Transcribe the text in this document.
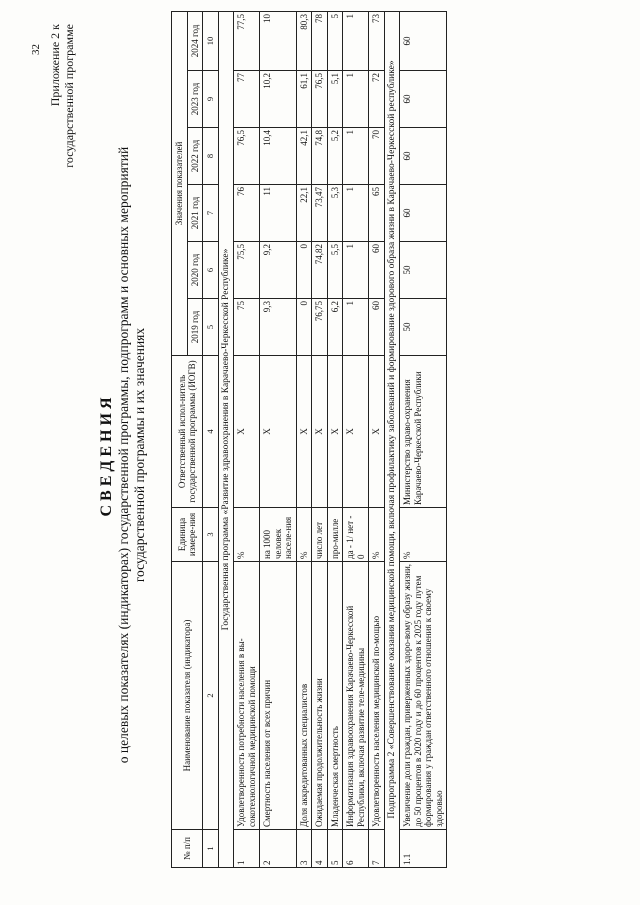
32 Приложение 2 к государственной программе
СВЕДЕНИЯ о целевых показателях (индикаторах) государственной программы, подпрограмм и основных мероприятий государственной программы и их значениях
№ п/п	Наименование показателя (индикатора)	Единица измере-ния	Ответственный испол-нитель государственной программы (ИОГВ)	Значения показателей					
				2019 год	2020 год	2021 год	2022 год	2023 год	2024 год
1	2	3	4	5	6	7	8	9	10
Государственная программа «Развитие здравоохранения в Карачаево-Черкесской Республике»									
1	Удовлетворенность потребности населения в вы-сокотехнологичной медицинской помощи	%	Х	75	75,5	76	76,5	77	77,5
2	Смертность населения от всех причин	на 1000 человек населе-ния	Х	9,3	9,2	11	10,4	10,2	10
3	Доля аккредитованных специалистов	%	Х	0	0	22,1	42,1	61,1	80,3
4	Ожидаемая продолжительность жизни	число лет	Х	76,75	74,82	73,47	74,8	76,5	78
5	Младенческая смертность	про-милле	Х	6,2	5,5	5,3	5,2	5,1	5
6	Информатизация здравоохранения Карачаево-Черкесской Республики, включая развитие теле-медицины	да - 1/ нет - 0	Х	1	1	1	1	1	1
7	Удовлетворенность населения медицинской по-мощью	%	Х	60	60	65	70	72	73
Подпрограмма 2 «Совершенствование оказания медицинской помощи, включая профилактику заболеваний и формирование здорового образа жизни в Карачаево-Черкесской республике»									
1.1	Увеличение доли граждан, приверженных здоро-вому образу жизни, до 50 процентов в 2020 году и до 60 процентов к 2025 году путем формирования у граждан ответственного отношения к своему здоровью	%	Министерство здраво-охранения Карачаево-Черкесской Республики	50	50	60	60	60	60
